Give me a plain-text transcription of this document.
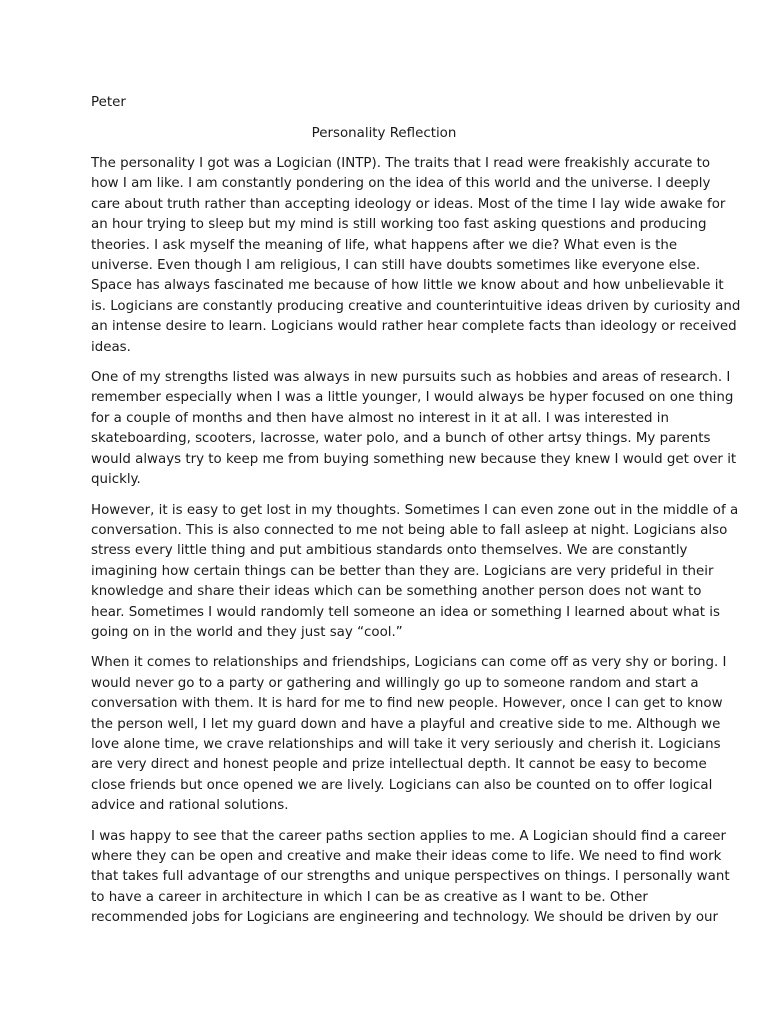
Peter

Personality Reflection
The personality I got was a Logician (INTP). The traits that I read were freakishly accurate to
how I am like. I am constantly pondering on the idea of this world and the universe. I deeply
care about truth rather than accepting ideology or ideas. Most of the time I lay wide awake for
an hour trying to sleep but my mind is still working too fast asking questions and producing
theories. I ask myself the meaning of life, what happens after we die? What even is the
universe. Even though I am religious, I can still have doubts sometimes like everyone else.
Space has always fascinated me because of how little we know about and how unbelievable it
is. Logicians are constantly producing creative and counterintuitive ideas driven by curiosity and
an intense desire to learn. Logicians would rather hear complete facts than ideology or received
ideas.
One of my strengths listed was always in new pursuits such as hobbies and areas of research. I
remember especially when I was a little younger, I would always be hyper focused on one thing
for a couple of months and then have almost no interest in it at all. I was interested in
skateboarding, scooters, lacrosse, water polo, and a bunch of other artsy things. My parents
would always try to keep me from buying something new because they knew I would get over it
quickly.
However, it is easy to get lost in my thoughts. Sometimes I can even zone out in the middle of a
conversation. This is also connected to me not being able to fall asleep at night. Logicians also
stress every little thing and put ambitious standards onto themselves. We are constantly
imagining how certain things can be better than they are. Logicians are very prideful in their
knowledge and share their ideas which can be something another person does not want to
hear. Sometimes I would randomly tell someone an idea or something I learned about what is
going on in the world and they just say “cool.”
When it comes to relationships and friendships, Logicians can come off as very shy or boring. I
would never go to a party or gathering and willingly go up to someone random and start a
conversation with them. It is hard for me to find new people. However, once I can get to know
the person well, I let my guard down and have a playful and creative side to me. Although we
love alone time, we crave relationships and will take it very seriously and cherish it. Logicians
are very direct and honest people and prize intellectual depth. It cannot be easy to become
close friends but once opened we are lively. Logicians can also be counted on to offer logical
advice and rational solutions.
I was happy to see that the career paths section applies to me. A Logician should find a career
where they can be open and creative and make their ideas come to life. We need to find work
that takes full advantage of our strengths and unique perspectives on things. I personally want
to have a career in architecture in which I can be as creative as I want to be. Other
recommended jobs for Logicians are engineering and technology. We should be driven by our
